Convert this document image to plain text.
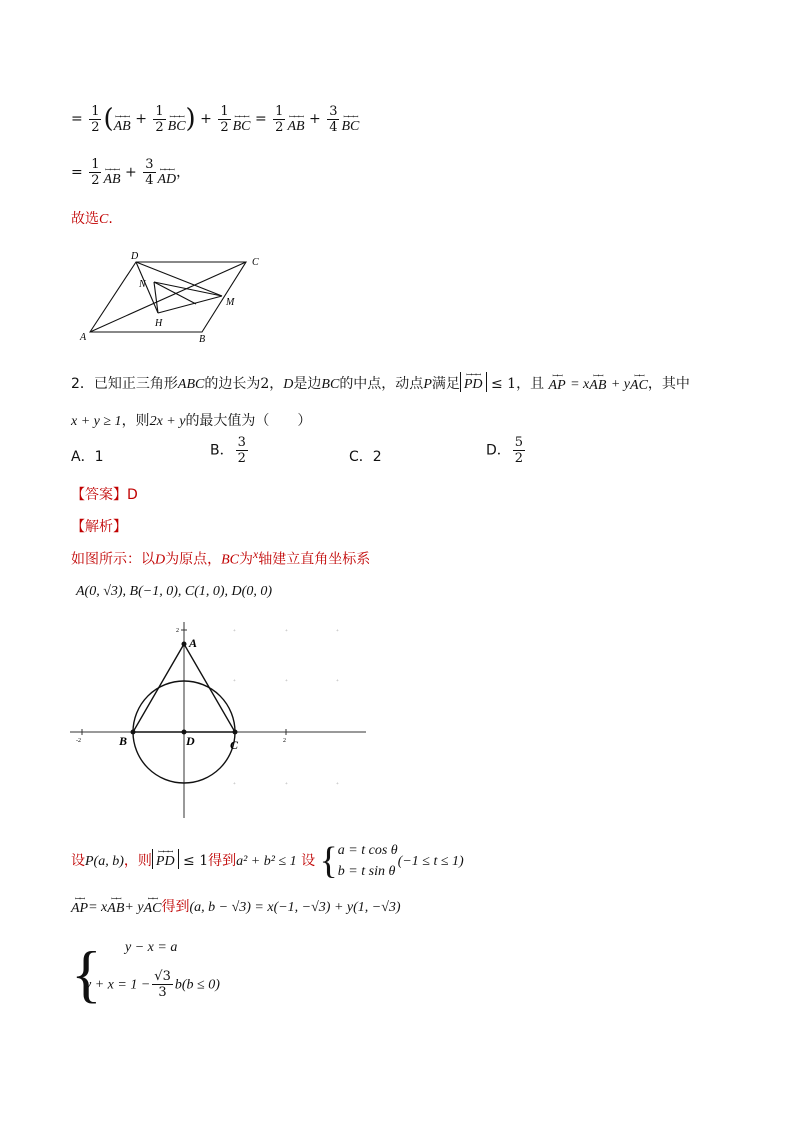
= $\frac{1}{2}$ ( ꟷꟷꟷ
AB + $\frac{1}{2}$ ꟷꟷꟷ
BC ) + $\frac{1}{2}$ ꟷꟷꟷ
BC = $\frac{1}{2}$ ꟷꟷꟷ
AB + $\frac{3}{4}$ ꟷꟷꟷ
BC
= $\frac{1}{2}$ ꟷꟷꟷ
AB + $\frac{3}{4}$ ꟷꟷꟷ
AD ，
故选C.
D
C
N
M
H
A	B
2．已知正三角形ABC的边长为2，D是边BC的中点，动点P满足
ꟷꟷꟷ
PD ≤ 1，且 ꟷꟷ
AP = x
ꟷꟷ
AB + y
ꟷꟷ
AC ，其中
x + y ≥ 1，则2x + y的最大值为（　　）
A．1	B． $\frac{3}{2}$	C．2	D． $\frac{5}{2}$
【答案】D
【解析】
如图所示：以D为原点，BC为$^x$轴建立直角坐标系
A(0, √3), B(−1, 0), C(1, 0), D(0, 0)
+	+	+
+	+	+
+	+	+
2
-2	2
A
B	D	C
设P(a, b)，则
ꟷꟷꟷ
PD ≤ 1得到a² + b² ≤ 1 设 { a = t cos θ
b = t sin θ
(−1 ≤ t ≤ 1)
ꟷꟷ
AP = x
ꟷꟷ
AB + y
ꟷꟷ
AC 得到(a, b − √3) = x(−1, −√3) + y(1, −√3)
{ y − x = a
$y + x = 1 - \frac{√3}{3} b(b \le 0)$
